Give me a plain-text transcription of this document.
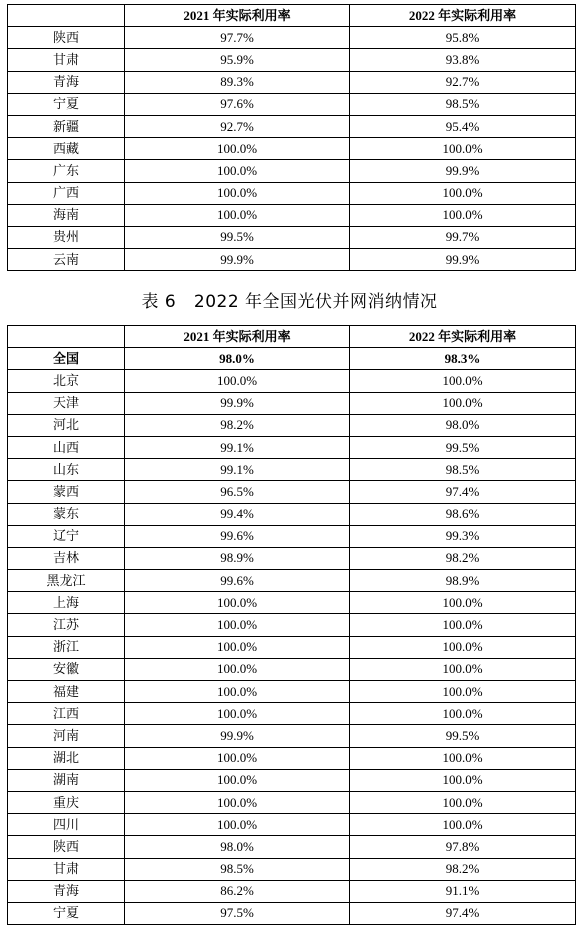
	2021 年实际利用率	2022 年实际利用率
陕西	97.7%	95.8%
甘肃	95.9%	93.8%
青海	89.3%	92.7%
宁夏	97.6%	98.5%
新疆	92.7%	95.4%
西藏	100.0%	100.0%
广东	100.0%	99.9%
广西	100.0%	100.0%
海南	100.0%	100.0%
贵州	99.5%	99.7%
云南	99.9%	99.9%
表 6 2022 年全国光伏并网消纳情况
	2021 年实际利用率	2022 年实际利用率
全国	98.0%	98.3%
北京	100.0%	100.0%
天津	99.9%	100.0%
河北	98.2%	98.0%
山西	99.1%	99.5%
山东	99.1%	98.5%
蒙西	96.5%	97.4%
蒙东	99.4%	98.6%
辽宁	99.6%	99.3%
吉林	98.9%	98.2%
黑龙江	99.6%	98.9%
上海	100.0%	100.0%
江苏	100.0%	100.0%
浙江	100.0%	100.0%
安徽	100.0%	100.0%
福建	100.0%	100.0%
江西	100.0%	100.0%
河南	99.9%	99.5%
湖北	100.0%	100.0%
湖南	100.0%	100.0%
重庆	100.0%	100.0%
四川	100.0%	100.0%
陕西	98.0%	97.8%
甘肃	98.5%	98.2%
青海	86.2%	91.1%
宁夏	97.5%	97.4%
